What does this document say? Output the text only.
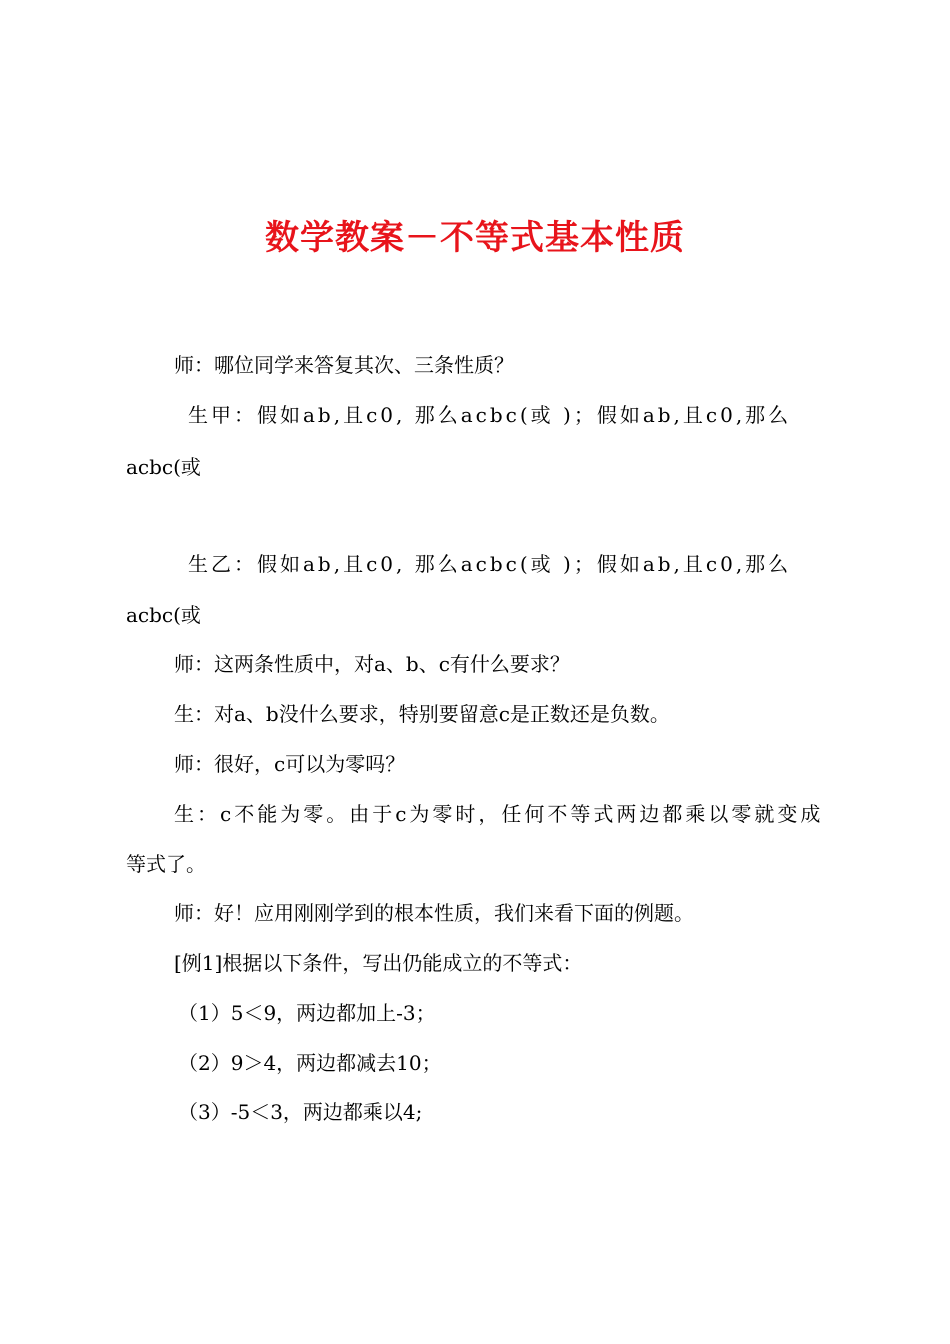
数学教案－不等式基本性质
师：哪位同学来答复其次、三条性质？
生甲：假如ab,且c0, 那么acbc(或 )；假如ab,且c0,那么
acbc(或
生乙：假如ab,且c0, 那么acbc(或 )；假如ab,且c0,那么
acbc(或
师：这两条性质中，对a、b、c有什么要求？
生：对a、b没什么要求，特别要留意c是正数还是负数。
师：很好，c可以为零吗？
生：c不能为零。由于c为零时，任何不等式两边都乘以零就变成
等式了。
师：好！应用刚刚学到的根本性质，我们来看下面的例题。
[例1]根据以下条件，写出仍能成立的不等式：
（1）5＜9，两边都加上-3；
（2）9＞4，两边都减去10；
（3）-5＜3，两边都乘以4;
